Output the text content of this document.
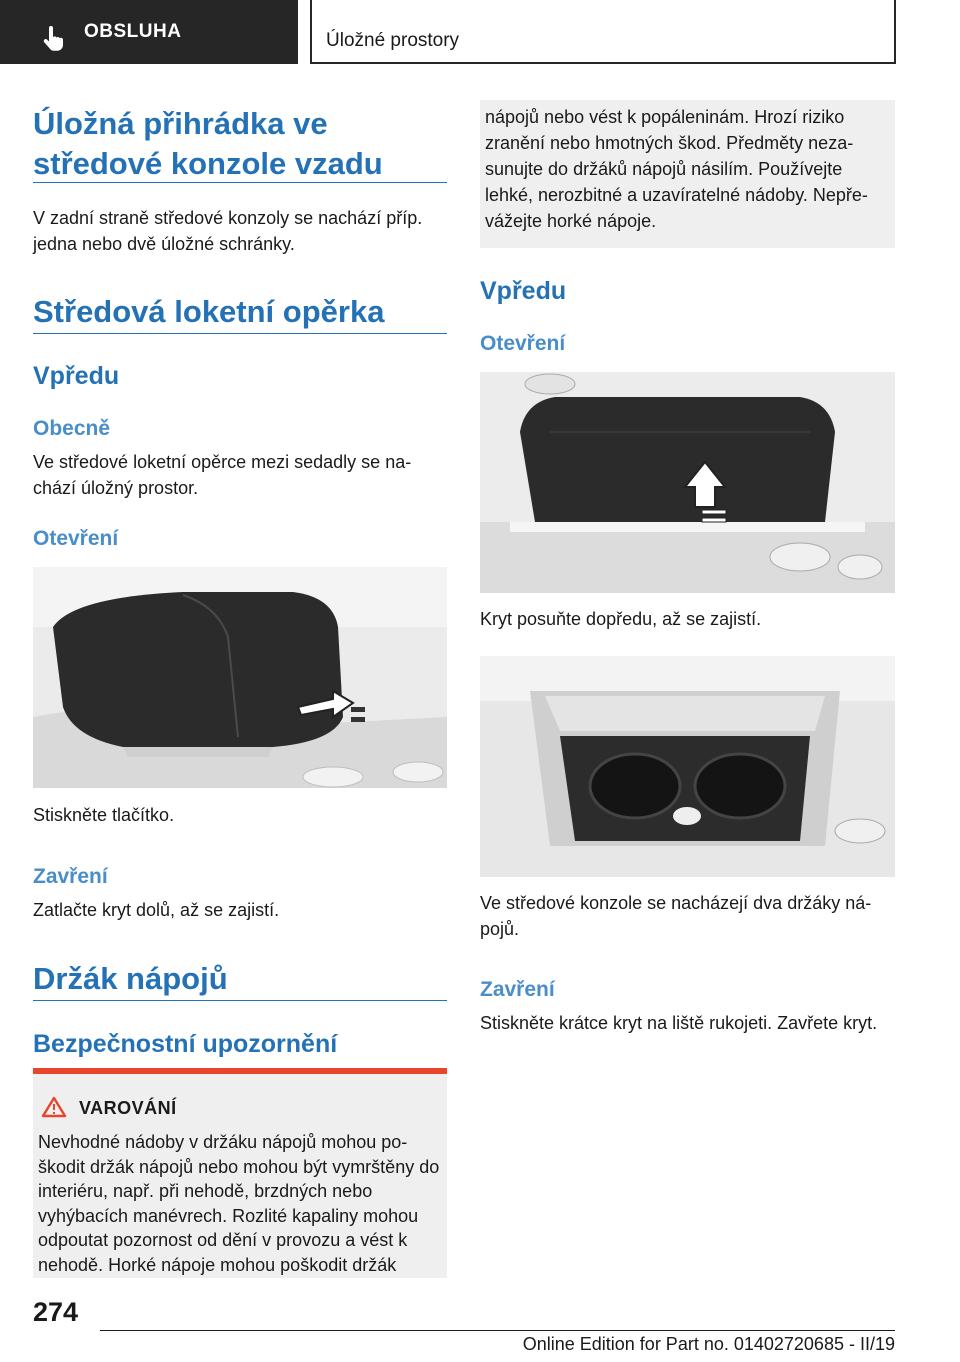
OBSLUHA	Úložné prostory
Úložná přihrádka ve středové konzole vzadu
V zadní straně středové konzoly se nachází příp. jedna nebo dvě úložné schránky.
Středová loketní opěrka
Vpředu
Obecně
Ve středové loketní opěrce mezi sedadly se nachází úložný prostor.
Otevření
Stiskněte tlačítko.
Zavření
Zatlačte kryt dolů, až se zajistí.
Držák nápojů
Bezpečnostní upozornění
VAROVÁNÍ
Nevhodné nádoby v držáku nápojů mohou poškodit držák nápojů nebo mohou být vymrštěny do interiéru, např. při nehodě, brzdných nebo vyhýbacích manévrech. Rozlité kapaliny mohou odpoutat pozornost od dění v provozu a vést k nehodě. Horké nápoje mohou poškodit držák
nápojů nebo vést k popáleninám. Hrozí riziko zranění nebo hmotných škod. Předměty nezasunujte do držáků nápojů násilím. Používejte lehké, nerozbitné a uzavíratelné nádoby. Nepřevážejte horké nápoje.
Vpředu
Otevření
Kryt posuňte dopředu, až se zajistí.
Ve středové konzole se nacházejí dva držáky nápojů.
Zavření
Stiskněte krátce kryt na liště rukojeti. Zavřete kryt.
274
Online Edition for Part no. 01402720685 - II/19
